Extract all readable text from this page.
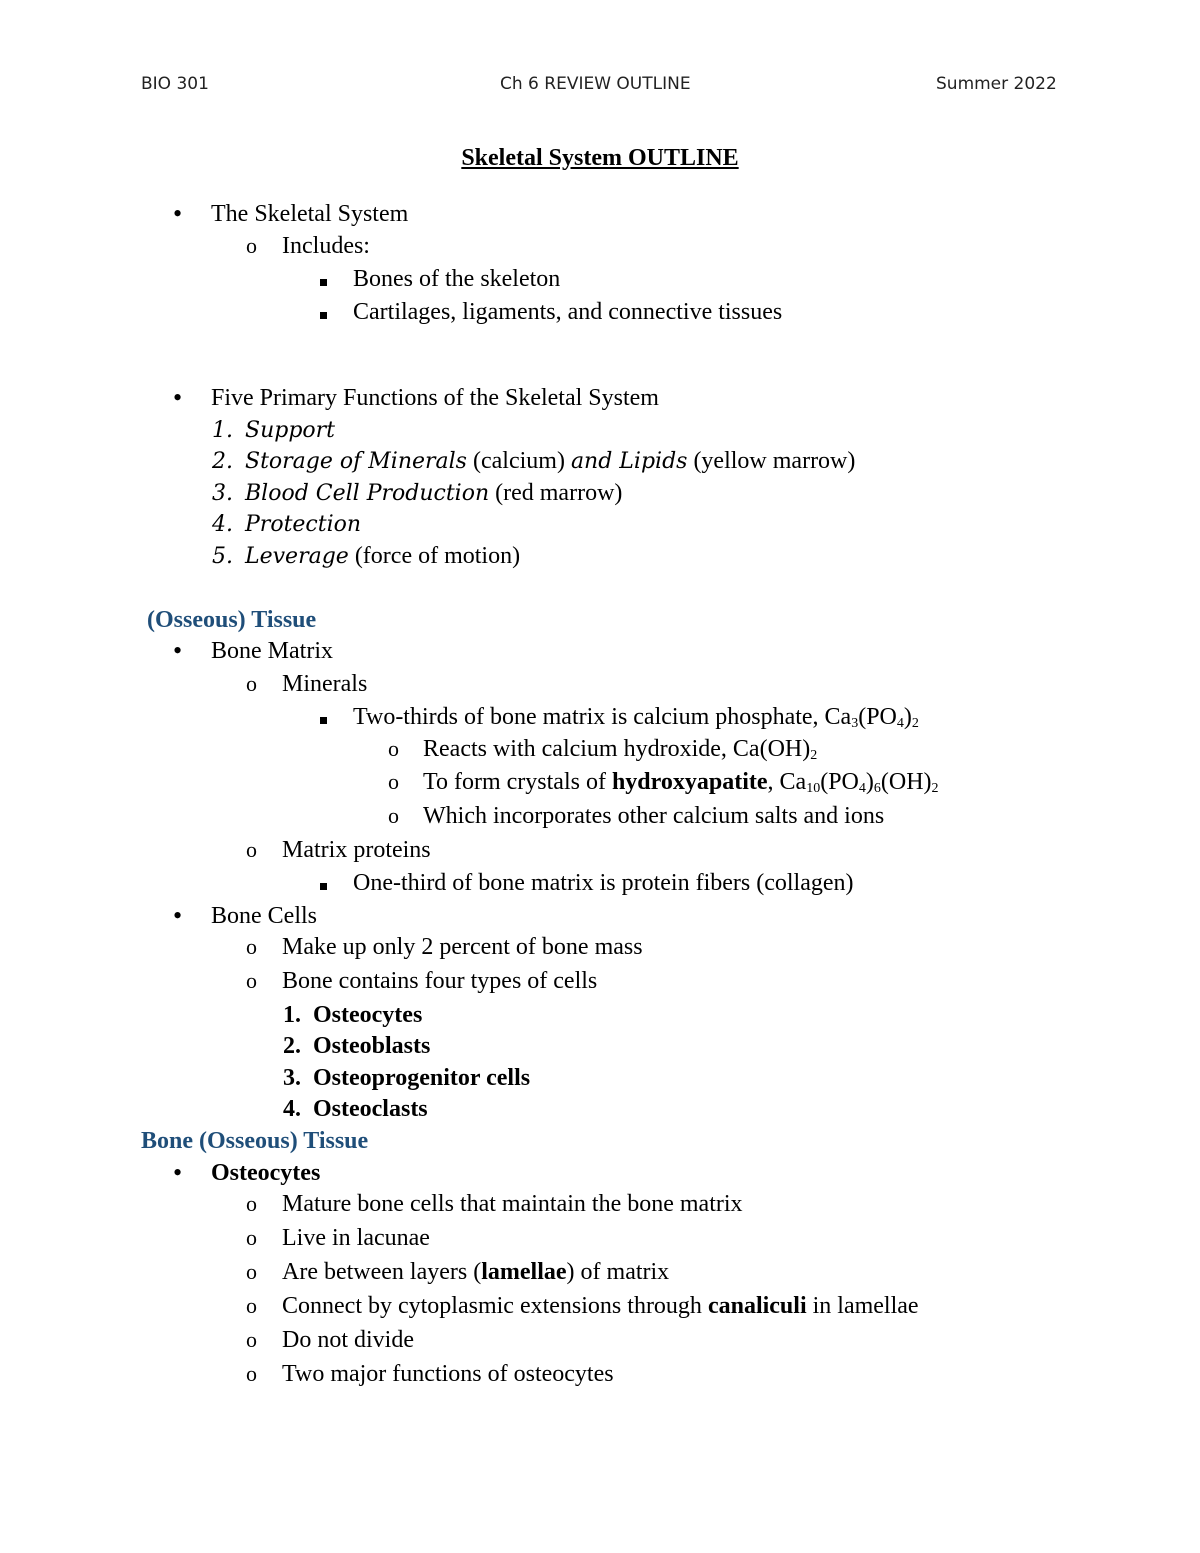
BIO 301	Ch 6 REVIEW OUTLINE	Summer 2022
Skeletal System OUTLINE
• The Skeletal System
o Includes:
Bones of the skeleton
Cartilages, ligaments, and connective tissues
• Five Primary Functions of the Skeletal System
1. Support
2. Storage of Minerals (calcium) and Lipids (yellow marrow)
3. Blood Cell Production (red marrow)
4. Protection
5. Leverage (force of motion)
(Osseous) Tissue
• Bone Matrix
o Minerals
Two-thirds of bone matrix is calcium phosphate, $Ca_3(PO_4)_2$
o Reacts with calcium hydroxide, $Ca(OH)_2$
o To form crystals of hydroxyapatite, $Ca_{10}(PO_4)_6(OH)_2$
o Which incorporates other calcium salts and ions
o Matrix proteins
One-third of bone matrix is protein fibers (collagen)
• Bone Cells
o Make up only 2 percent of bone mass
o Bone contains four types of cells
1. Osteocytes
2. Osteoblasts
3. Osteoprogenitor cells
4. Osteoclasts
Bone (Osseous) Tissue
• Osteocytes
o Mature bone cells that maintain the bone matrix
o Live in lacunae
o Are between layers (lamellae) of matrix
o Connect by cytoplasmic extensions through canaliculi in lamellae
o Do not divide
o Two major functions of osteocytes
